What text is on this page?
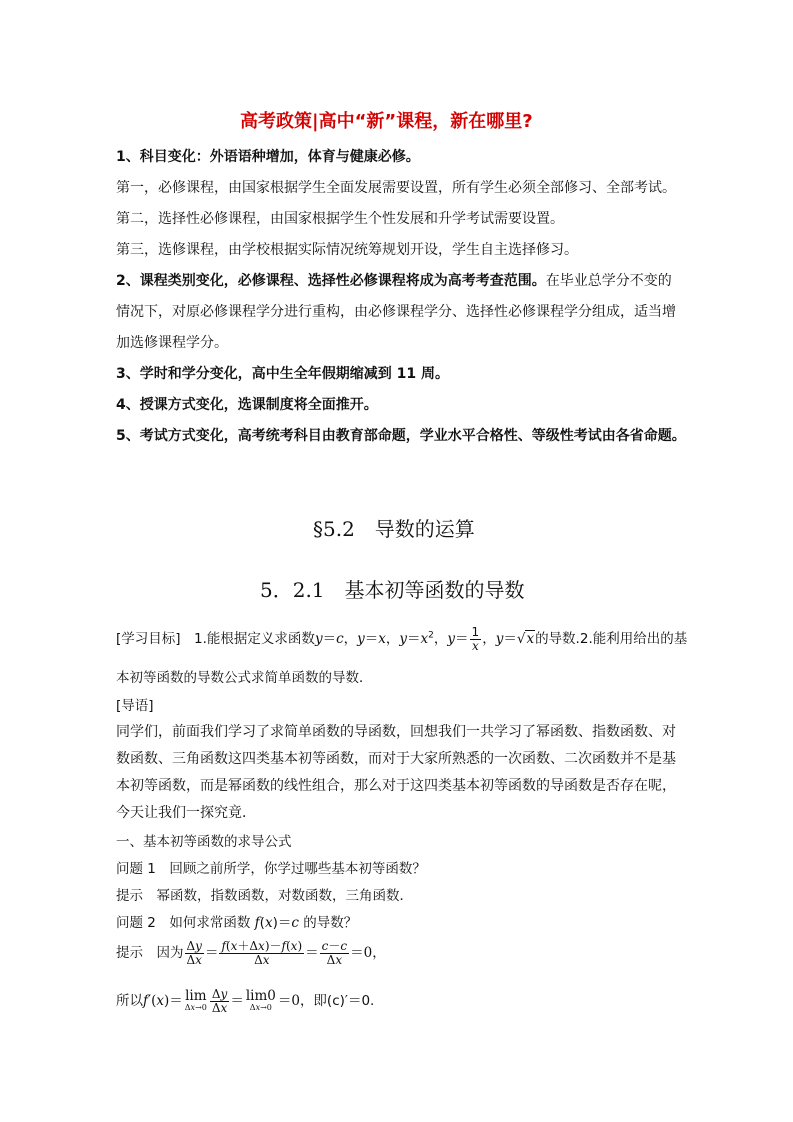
高考政策|高中“新”课程，新在哪里?
1、科目变化：外语语种增加，体育与健康必修。
第一，必修课程，由国家根据学生全面发展需要设置，所有学生必须全部修习、全部考试。
第二，选择性必修课程，由国家根据学生个性发展和升学考试需要设置。
第三，选修课程，由学校根据实际情况统筹规划开设，学生自主选择修习。
2、课程类别变化，必修课程、选择性必修课程将成为高考考查范围。在毕业总学分不变的
情况下，对原必修课程学分进行重构，由必修课程学分、选择性必修课程学分组成，适当增
加选修课程学分。
3、学时和学分变化，高中生全年假期缩减到 11 周。
4、授课方式变化，选课制度将全面推开。
5、考试方式变化，高考统考科目由教育部命题，学业水平合格性、等级性考试由各省命题。
§5.2　导数的运算
5．2.1　基本初等函数的导数
[学习目标]　1.能根据定义求函数y＝c，y＝x，$y=x^2$，$y= \frac{1}{x}$ ，y＝√x的导数.2.能利用给出的基
本初等函数的导数公式求简单函数的导数．
[导语]
同学们，前面我们学习了求简单函数的导函数，回想我们一共学习了幂函数、指数函数、对
数函数、三角函数这四类基本初等函数，而对于大家所熟悉的一次函数、二次函数并不是基
本初等函数，而是幂函数的线性组合，那么对于这四类基本初等函数的导函数是否存在呢，
今天让我们一探究竟．
一、基本初等函数的求导公式
问题 1　回顾之前所学，你学过哪些基本初等函数？
提示　幂函数，指数函数，对数函数，三角函数．
问题 2　如何求常函数 f(x)＝c 的导数？
提示　因为 $\frac{\Delta y}{\Delta x} = \frac{f(x+\Delta x)-f(x)}{\Delta x} = \frac{c-c}{\Delta x} =0$，
所以f′(x)＝ lim
$\Delta x\to 0 \frac{\Delta y}{\Delta x} = \lim 0$
Δx→0 ＝0，即(c)′＝0.
